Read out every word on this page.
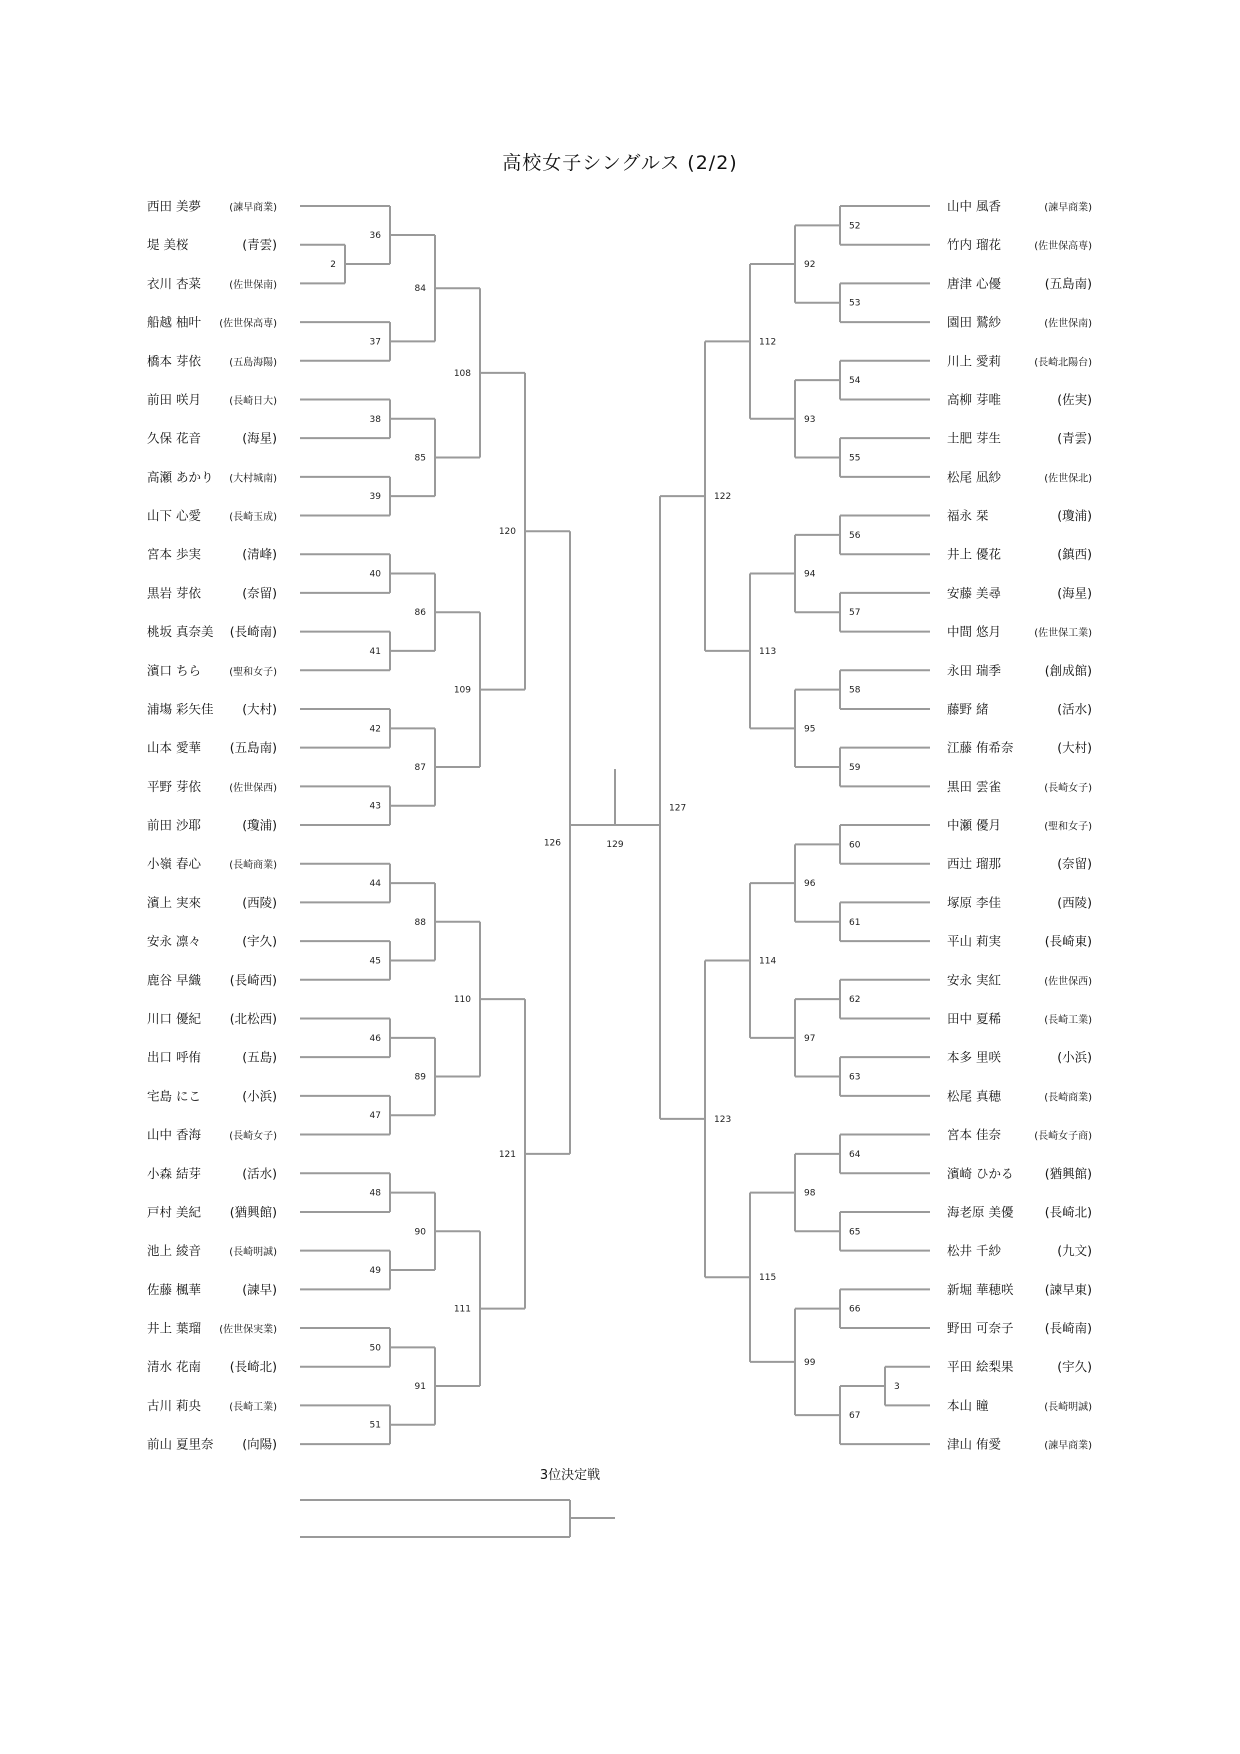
高校女子シングルス (2/2)
西田 美夢	(諫早商業)
堤 美桜	(青雲)
衣川 杏菜	(佐世保南)
船越 柚叶 (佐世保高専)
橋本 芽依	(五島海陽)
前田 咲月	(長崎日大)
久保 花音	(海星)
高瀬 あかり (大村城南)
山下 心愛	(長崎玉成)
宮本 歩実	(清峰)
黒岩 芽依	(奈留)
桃坂 真奈美 (長崎南)
濱口 ちら	(聖和女子)
浦塲 彩矢佳 (大村)
山本 愛華 (五島南)
平野 芽依	(佐世保西)
前田 沙耶	(瓊浦)
小嶺 春心	(長崎商業)
濱上 実來	(西陵)
安永 凛々	(宇久)
鹿谷 早織 (長崎西)
川口 優紀 (北松西)
出口 呼侑	(五島)
宅島 にこ	(小浜)
山中 香海	(長崎女子)
小森 結芽	(活水)
戸村 美紀 (猶興館)
池上 綾音	(長崎明誠)
佐藤 楓華	(諫早)
井上 葉瑠 (佐世保実業)
清水 花南 (長崎北)
古川 莉央	(長崎工業)
前山 夏里奈 (向陽)
2
36
37
38
39
40
41
42
43
44
45
46
47
48
49
50
51
84
85
86
87
88
89
90
91
108
109
110
111
120
121
126
山中 風香	(諫早商業)
竹内 瑠花	(佐世保高専)
唐津 心優	(五島南)
園田 鷲紗	(佐世保南)
川上 愛莉	(長崎北陽台)
高柳 芽唯	(佐実)
土肥 芽生	(青雲)
松尾 凪紗	(佐世保北)
福永 栞	(瓊浦)
井上 優花	(鎮西)
安藤 美尋	(海星)
中間 悠月	(佐世保工業)
永田 瑞季	(創成館)
藤野 緒	(活水)
江藤 侑希奈	(大村)
黒田 雲雀	(長崎女子)
中瀬 優月	(聖和女子)
西辻 瑠那	(奈留)
塚原 李佳	(西陵)
平山 莉実	(長崎東)
安永 実紅	(佐世保西)
田中 夏稀	(長崎工業)
本多 里咲	(小浜)
松尾 真穂	(長崎商業)
宮本 佳奈	(長崎女子商)
濱崎 ひかる	(猶興館)
海老原 美優	(長崎北)
松井 千紗	(九文)
新堀 華穂咲	(諫早東)
野田 可奈子	(長崎南)
平田 絵梨果	(宇久)
本山 瞳	(長崎明誠)
津山 侑愛	(諫早商業)
3
52
53
54
55
56
57
58
59
60
61
62
63
64
65
66
67
92
93
94
95
96
97
98
99
112
113
114
115
122
123
127
129
3位決定戦
